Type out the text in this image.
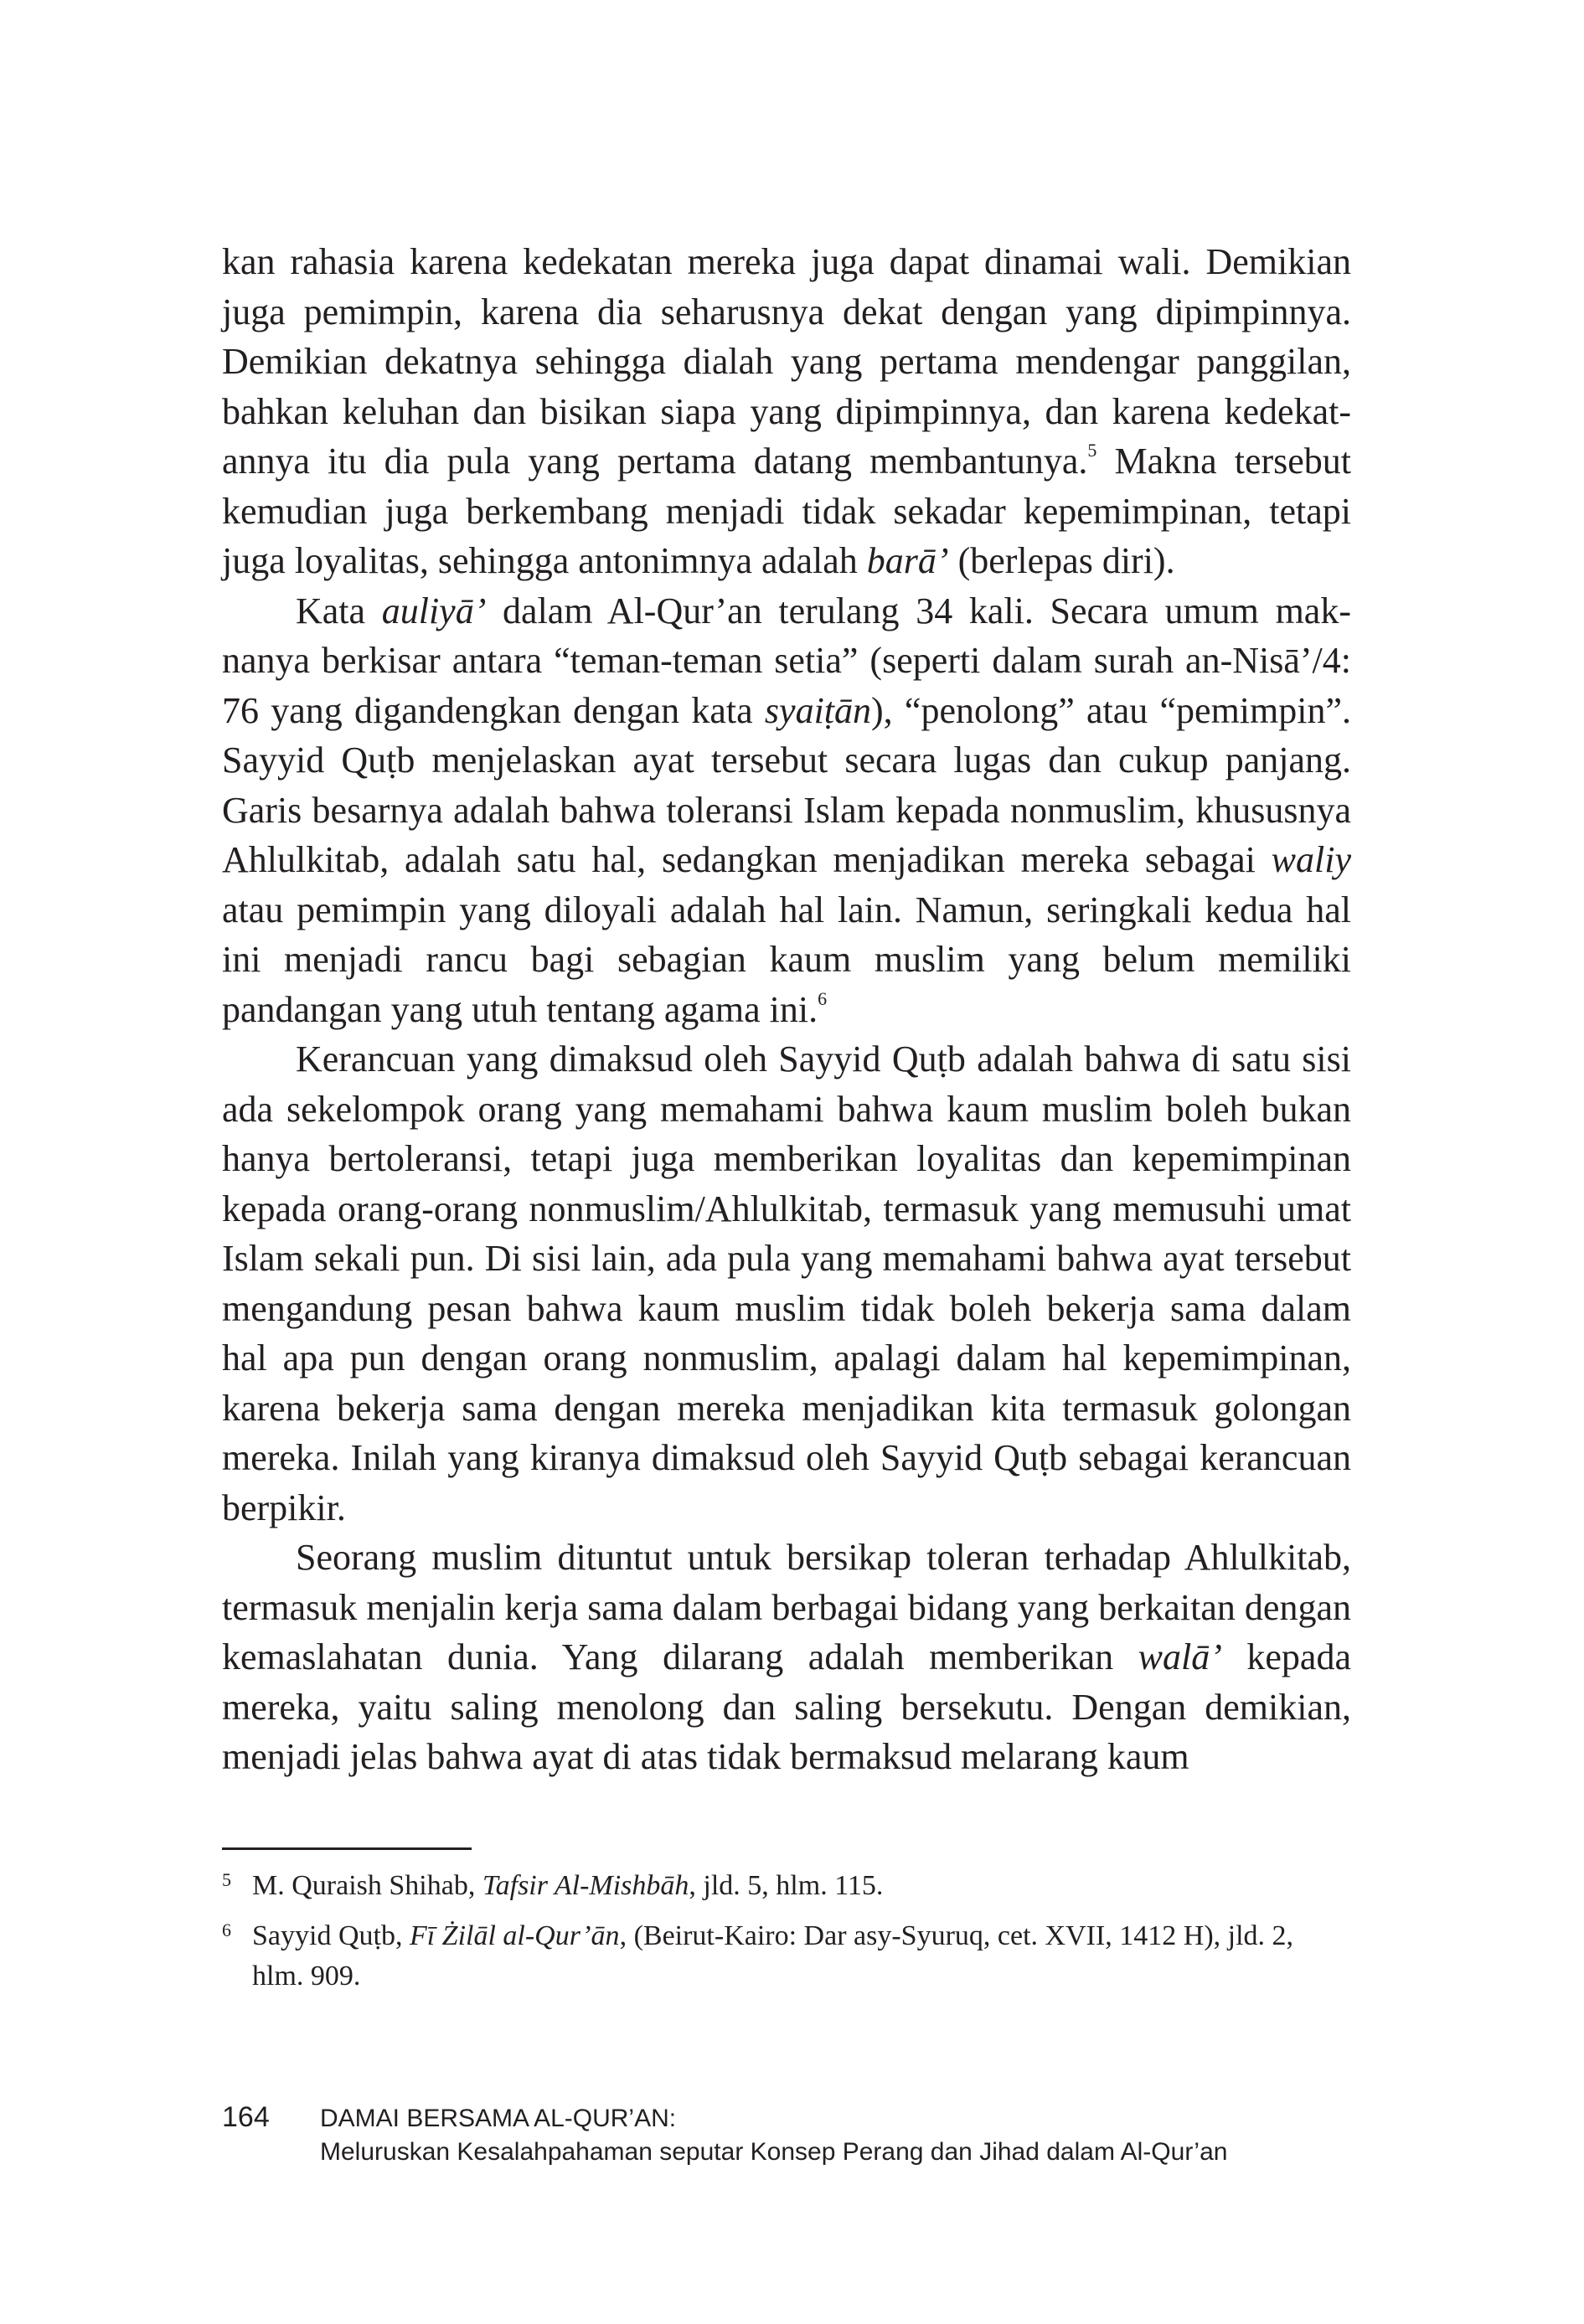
kan rahasia karena kedekatan mereka juga dapat dinamai wali. Demikian juga pemimpin, karena dia seharusnya dekat dengan yang dipimpinnya. Demikian dekatnya sehingga dialah yang pertama mendengar panggilan, bahkan keluhan dan bisikan siapa yang dipimpinnya, dan karena kedekatannya itu dia pula yang pertama datang membantunya.$^5$ Makna tersebut kemudian juga berkembang menjadi tidak sekadar kepemimpinan, tetapi juga loyalitas, sehingga antonimnya adalah barā’ (berlepas diri).

Kata auliyā’ dalam Al-Qur’an terulang 34 kali. Secara umum maknanya berkisar antara “teman-teman setia” (seperti dalam surah an-Nisā’/4: 76 yang digandengkan dengan kata syaiṭān), “penolong” atau “pemimpin”. Sayyid Quṭb menjelaskan ayat tersebut secara lugas dan cukup panjang. Garis besarnya adalah bahwa toleransi Islam kepada nonmuslim, khususnya Ahlulkitab, adalah satu hal, sedangkan menjadikan mereka sebagai waliy atau pemimpin yang diloyali adalah hal lain. Namun, seringkali kedua hal ini menjadi rancu bagi sebagian kaum muslim yang belum memiliki pandangan yang utuh tentang agama ini.$^6$

Kerancuan yang dimaksud oleh Sayyid Quṭb adalah bahwa di satu sisi ada sekelompok orang yang memahami bahwa kaum muslim boleh bukan hanya bertoleransi, tetapi juga memberikan loyalitas dan kepemimpinan kepada orang-orang nonmuslim/Ahlulkitab, termasuk yang memusuhi umat Islam sekali pun. Di sisi lain, ada pula yang memahami bahwa ayat tersebut mengandung pesan bahwa kaum muslim tidak boleh bekerja sama dalam hal apa pun dengan orang nonmuslim, apalagi dalam hal kepemimpinan, karena bekerja sama dengan mereka menjadikan kita termasuk golongan mereka. Inilah yang kiranya dimaksud oleh Sayyid Quṭb sebagai kerancuan berpikir.

Seorang muslim dituntut untuk bersikap toleran terhadap Ahlulkitab, termasuk menjalin kerja sama dalam berbagai bidang yang berkaitan dengan kemaslahatan dunia. Yang dilarang adalah memberikan walā’ kepada mereka, yaitu saling menolong dan saling bersekutu. Dengan demikian, menjadi jelas bahwa ayat di atas tidak bermaksud melarang kaum

5 M. Quraish Shihab, Tafsir Al-Mishbāh, jld. 5, hlm. 115.
6 Sayyid Quṭb, Fī Żilāl al-Qur’ān, (Beirut-Kairo: Dar asy-Syuruq, cet. XVII, 1412 H), jld. 2, hlm. 909.
164 DAMAI BERSAMA AL-QUR’AN:
Meluruskan Kesalahpahaman seputar Konsep Perang dan Jihad dalam Al-Qur’an
